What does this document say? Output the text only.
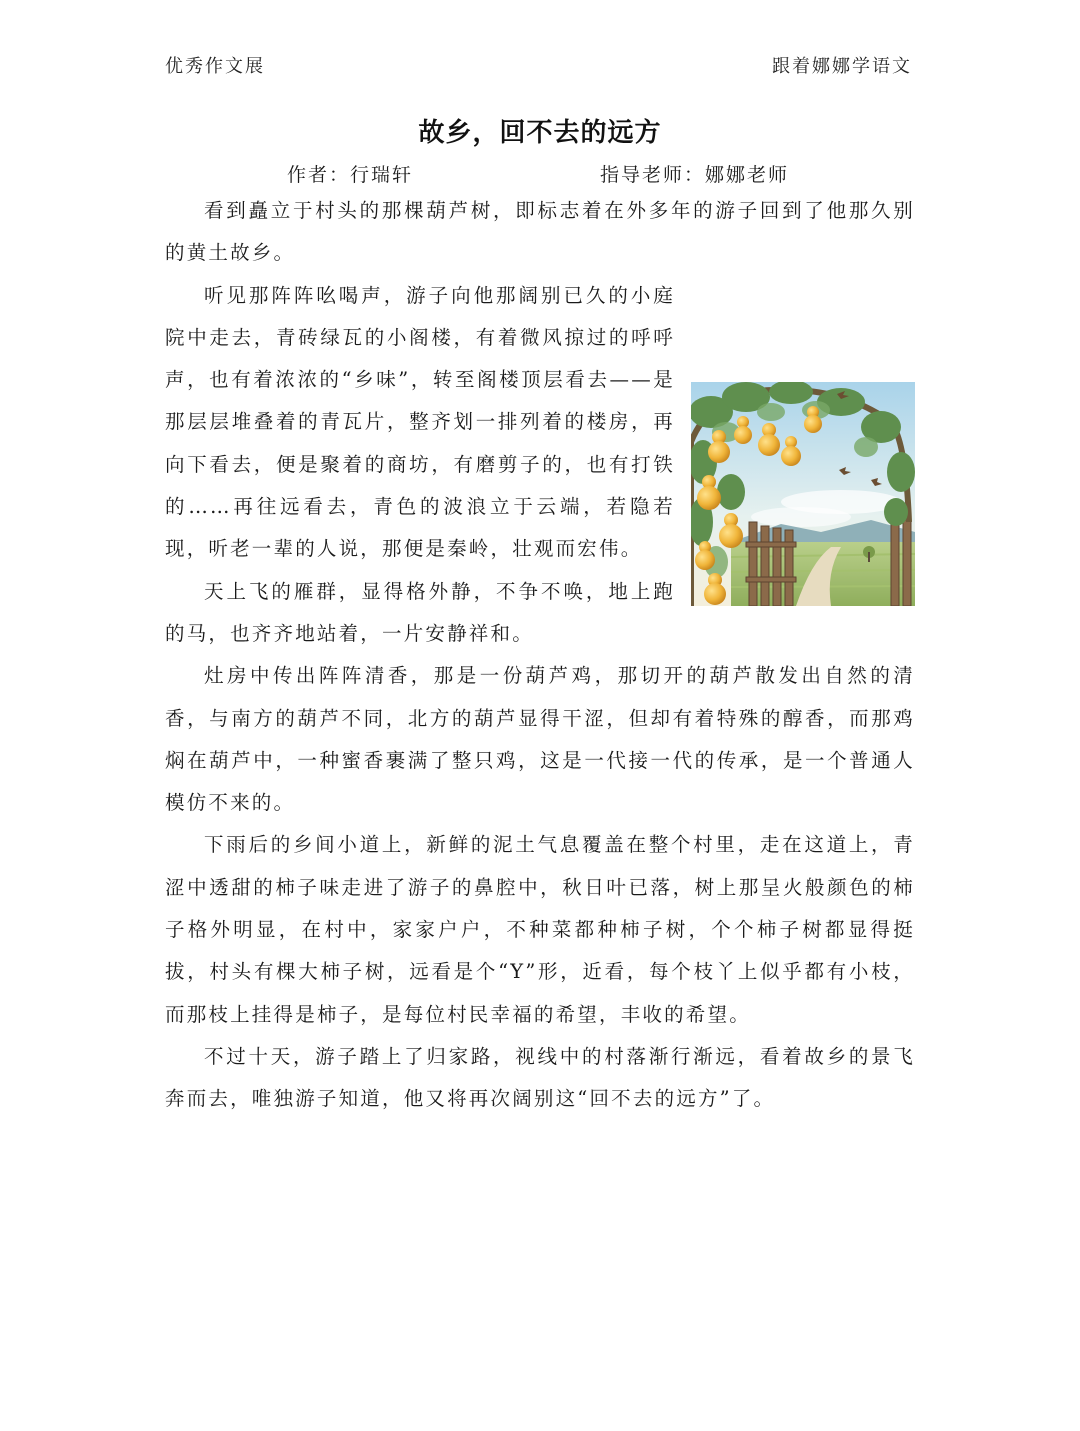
优秀作文展	跟着娜娜学语文
故乡，回不去的远方
作者：行瑞轩	指导老师：娜娜老师

看到矗立于村头的那棵葫芦树，即标志着在外多年的游子回到了他那久别的黄土故乡。

听见那阵阵吆喝声，游子向他那阔别已久的小庭院中走去，青砖绿瓦的小阁楼，有着微风掠过的呼呼声，也有着浓浓的“乡味”，转至阁楼顶层看去——是那层层堆叠着的青瓦片，整齐划一排列着的楼房，再向下看去，便是聚着的商坊，有磨剪子的，也有打铁的……再往远看去，青色的波浪立于云端，若隐若现，听老一辈的人说，那便是秦岭，壮观而宏伟。

天上飞的雁群，显得格外静，不争不唤，地上跑的马，也齐齐地站着，一片安静祥和。

灶房中传出阵阵清香，那是一份葫芦鸡，那切开的葫芦散发出自然的清香，与南方的葫芦不同，北方的葫芦显得干涩，但却有着特殊的醇香，而那鸡焖在葫芦中，一种蜜香裹满了整只鸡，这是一代接一代的传承，是一个普通人模仿不来的。

下雨后的乡间小道上，新鲜的泥土气息覆盖在整个村里，走在这道上，青涩中透甜的柿子味走进了游子的鼻腔中，秋日叶已落，树上那呈火般颜色的柿子格外明显，在村中，家家户户，不种菜都种柿子树，个个柿子树都显得挺拔，村头有棵大柿子树，远看是个“Y”形，近看，每个枝丫上似乎都有小枝，而那枝上挂得是柿子，是每位村民幸福的希望，丰收的希望。

不过十天，游子踏上了归家路，视线中的村落渐行渐远，看着故乡的景飞奔而去，唯独游子知道，他又将再次阔别这“回不去的远方”了。
